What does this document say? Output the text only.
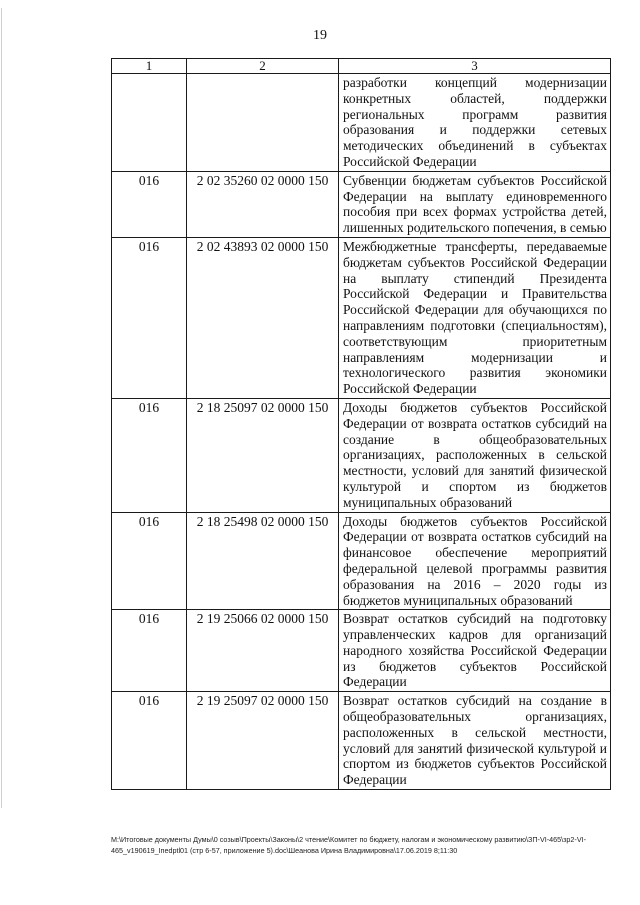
19
1	2	3
		разработки концепций модернизации конкретных областей, поддержки региональных программ развития образования и поддержки сетевых методических объединений в субъектах Российской Федерации
016	2 02 35260 02 0000 150	Субвенции бюджетам субъектов Российской Федерации на выплату единовременного пособия при всех формах устройства детей, лишенных родительского попечения, в семью
016	2 02 43893 02 0000 150	Межбюджетные трансферты, передаваемые бюджетам субъектов Российской Федерации на выплату стипендий Президента Российской Федерации и Правительства Российской Федерации для обучающихся по направлениям подготовки (специальностям), соответствующим приоритетным направлениям модернизации и технологического развития экономики Российской Федерации
016	2 18 25097 02 0000 150	Доходы бюджетов субъектов Российской Федерации от возврата остатков субсидий на создание в общеобразовательных организациях, расположенных в сельской местности, условий для занятий физической культурой и спортом из бюджетов муниципальных образований
016	2 18 25498 02 0000 150	Доходы бюджетов субъектов Российской Федерации от возврата остатков субсидий на финансовое обеспечение мероприятий федеральной целевой программы развития образования на 2016 – 2020 годы из бюджетов муниципальных образований
016	2 19 25066 02 0000 150	Возврат остатков субсидий на подготовку управленческих кадров для организаций народного хозяйства Российской Федерации из бюджетов субъектов Российской Федерации
016	2 19 25097 02 0000 150	Возврат остатков субсидий на создание в общеобразовательных организациях, расположенных в сельской местности, условий для занятий физической культурой и спортом из бюджетов субъектов Российской Федерации
М:\Итоговые документы Думы\0 созыв\Проекты\Законы\2 чтение\Комитет по бюджету, налогам и экономическому развитию\ЗП-VI-465\зр2-VI-
465_v190619_Іпеdptl01 (стр 6-57, приложение 5).doc\Шеанова Ирина Владимировна\17.06.2019 8;11:30
